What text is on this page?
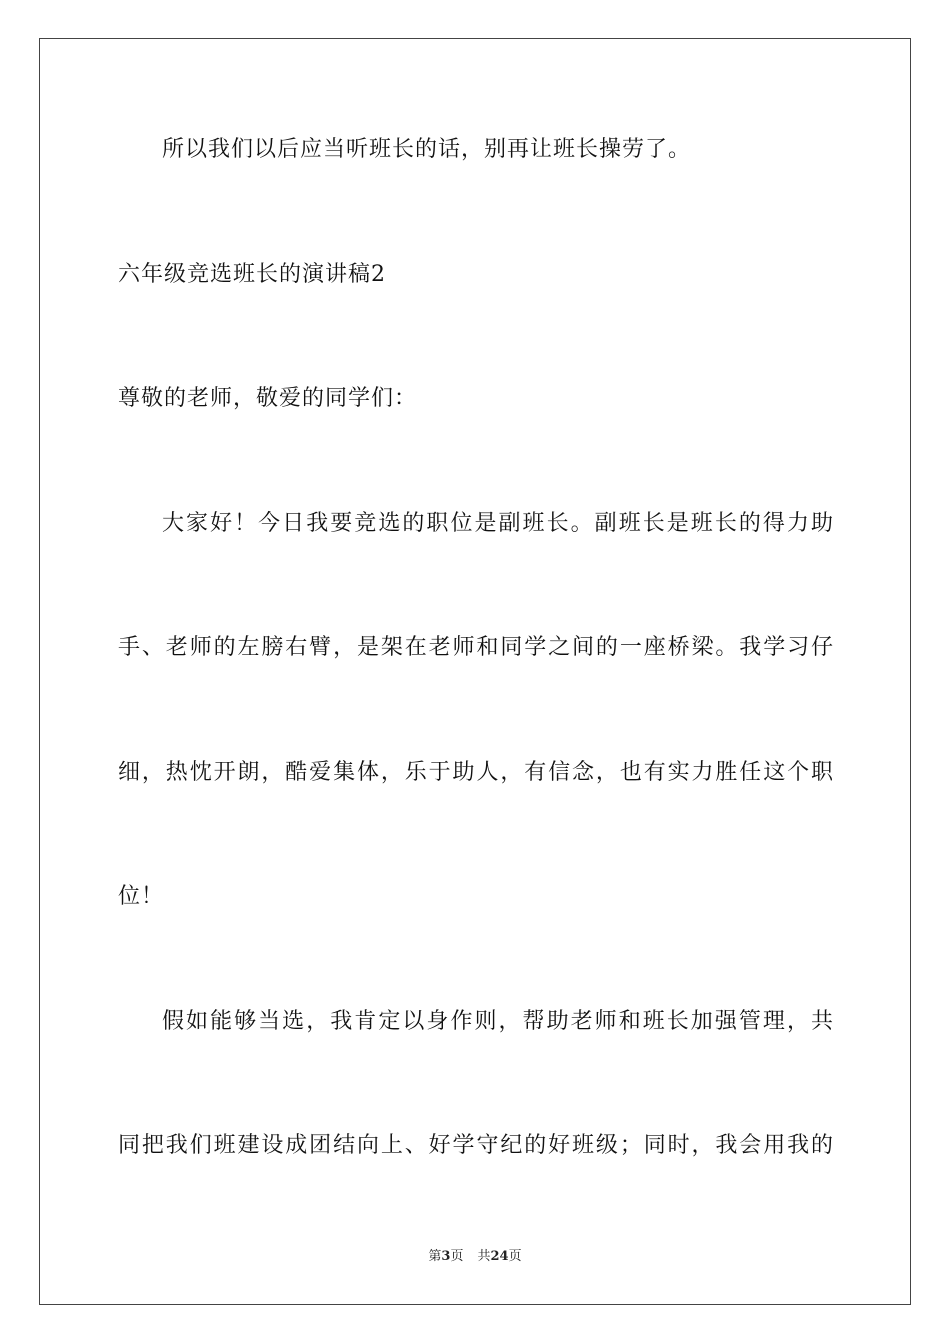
所以我们以后应当听班长的话，别再让班长操劳了。
六年级竞选班长的演讲稿2
尊敬的老师，敬爱的同学们：
大家好！今日我要竞选的职位是副班长。副班长是班长的得力助
手、老师的左膀右臂，是架在老师和同学之间的一座桥梁。我学习仔
细，热忱开朗，酷爱集体，乐于助人，有信念，也有实力胜任这个职
位！
假如能够当选，我肯定以身作则，帮助老师和班长加强管理，共
同把我们班建设成团结向上、好学守纪的好班级；同时，我会用我的
第3页 共24页
